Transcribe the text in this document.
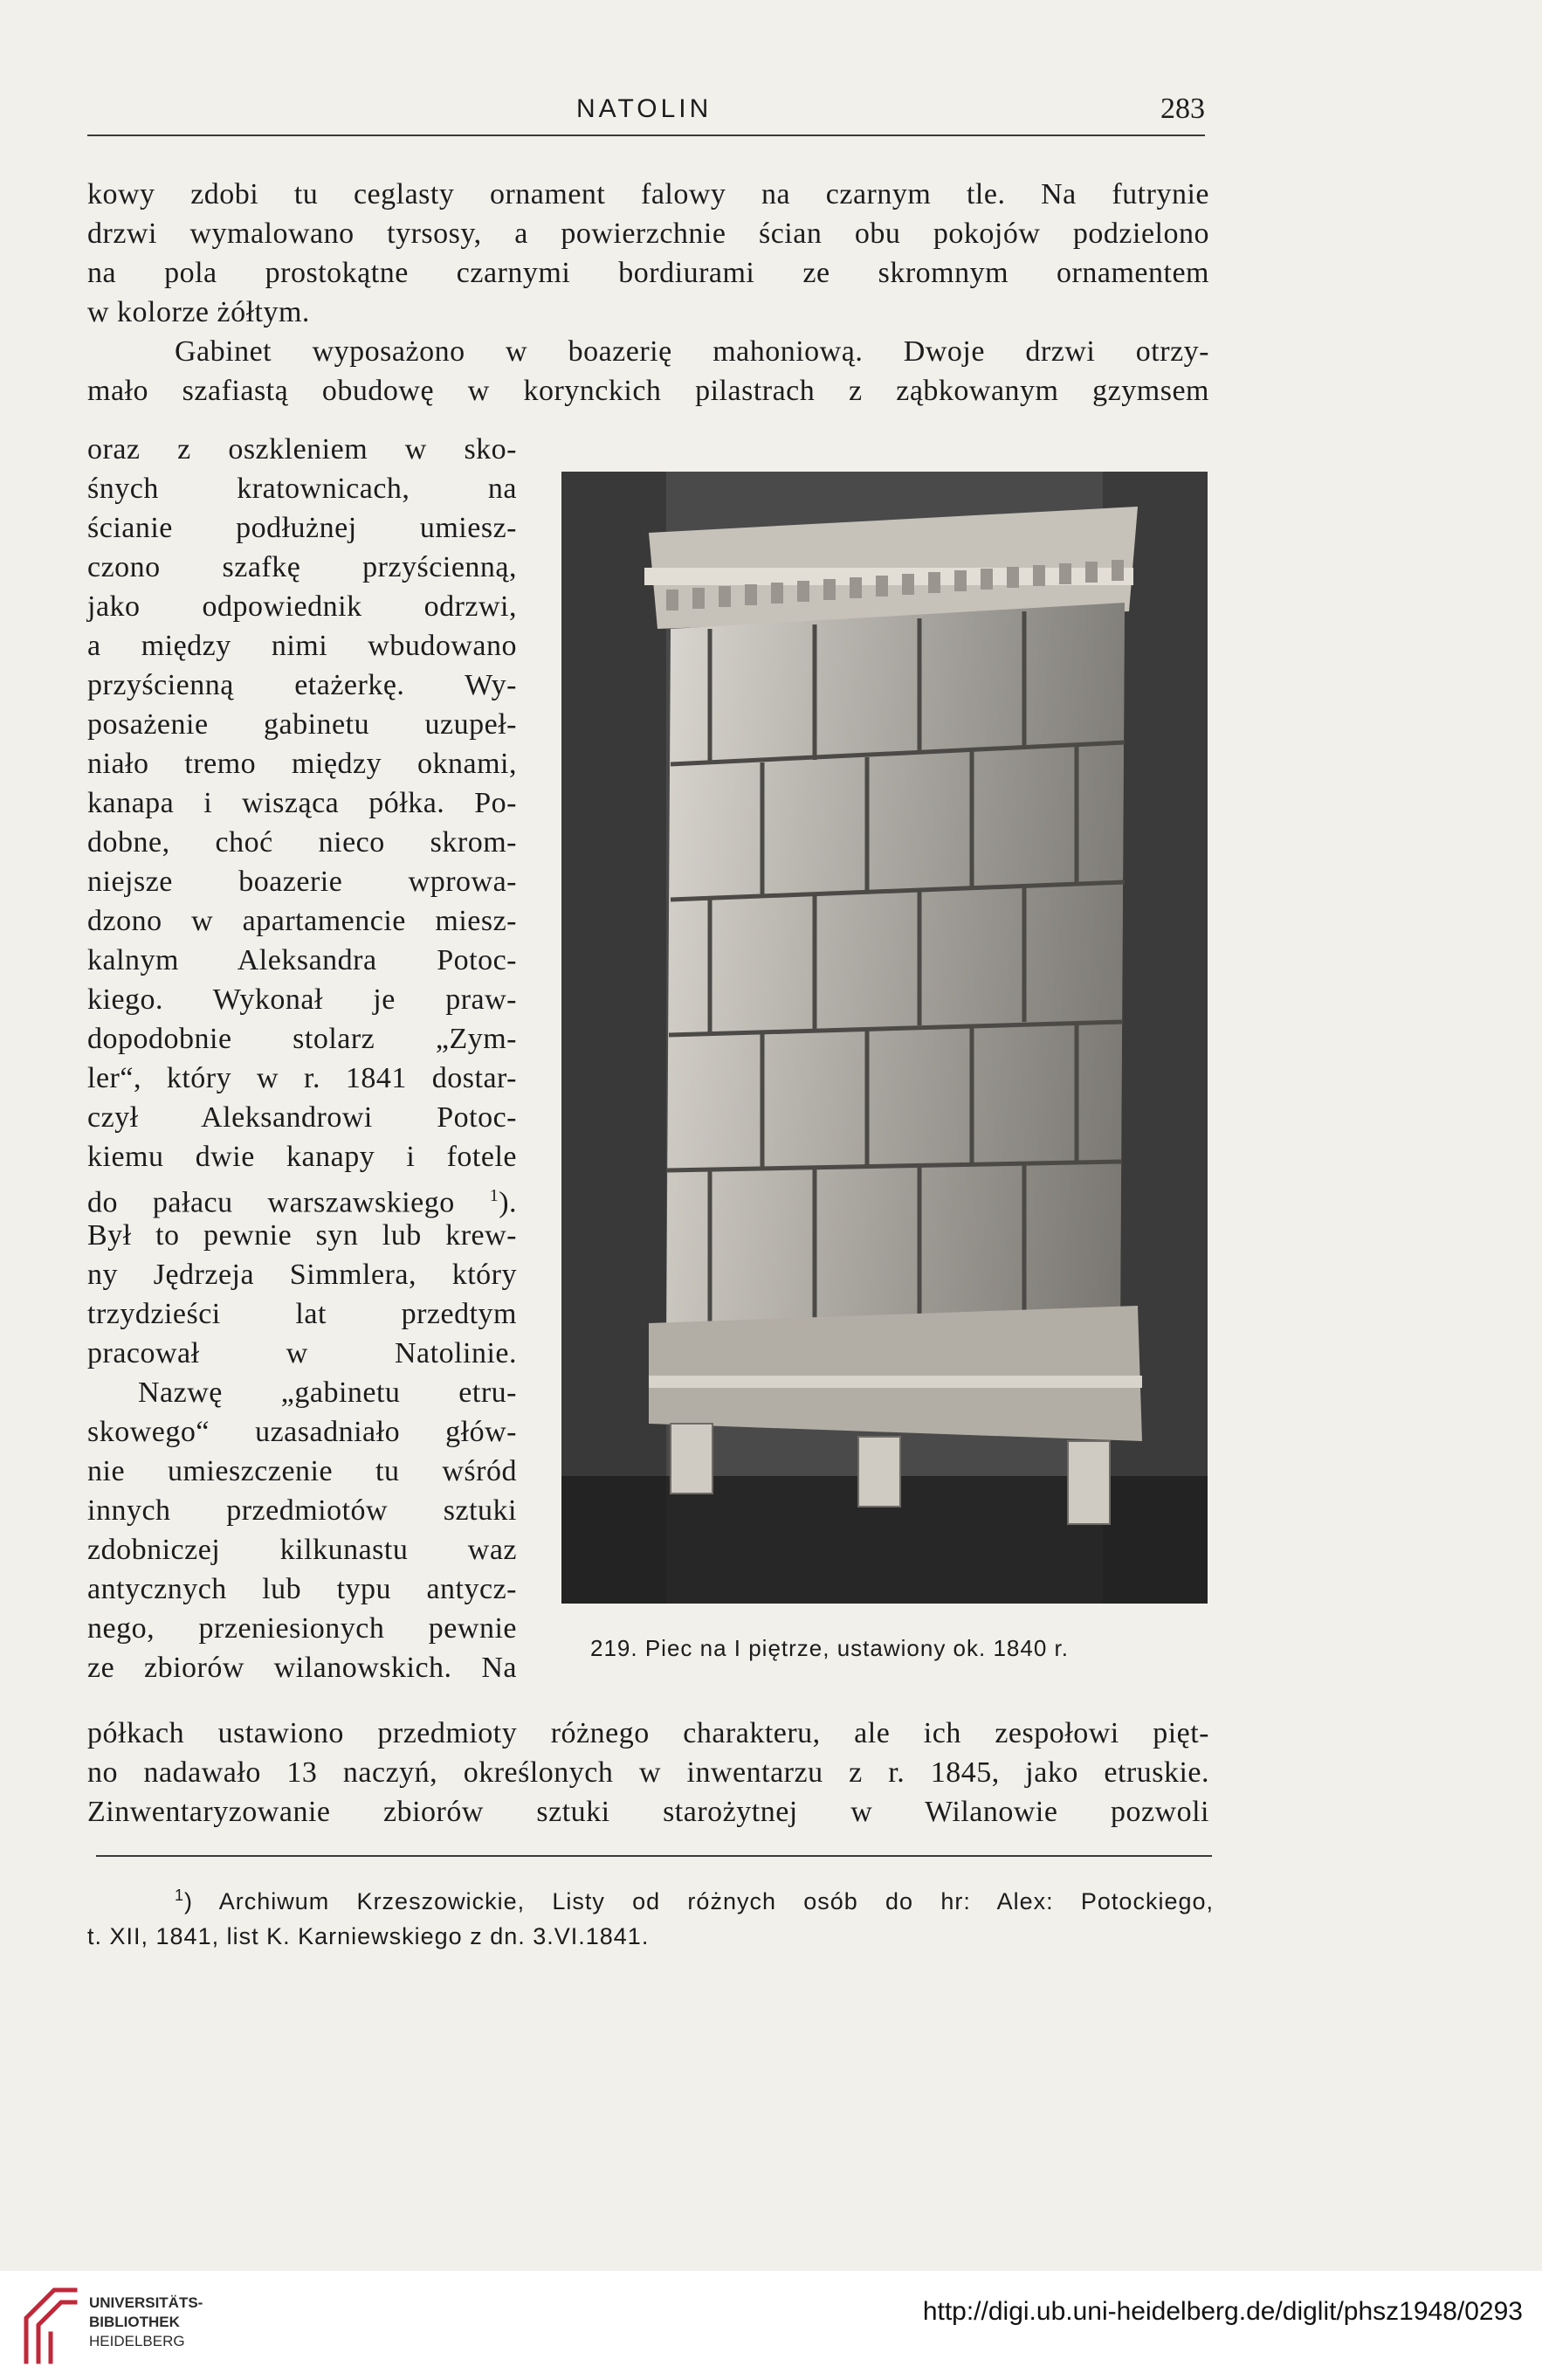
NATOLIN	283
kowy zdobi tu ceglasty ornament falowy na czarnym tle. Na futrynie
drzwi wymalowano tyrsosy, a powierzchnie ścian obu pokojów podzielono
na pola prostokątne czarnymi bordiurami ze skromnym ornamentem
w kolorze żółtym.
Gabinet wyposażono w boazerię mahoniową. Dwoje drzwi otrzy-
mało szafiastą obudowę w korynckich pilastrach z ząbkowanym gzymsem
oraz z oszkleniem w sko-
śnych kratownicach, na
ścianie podłużnej umiesz-
czono szafkę przyścienną,
jako odpowiednik odrzwi,
a między nimi wbudowano
przyścienną etażerkę. Wy-
posażenie gabinetu uzupeł-
niało tremo między oknami,
kanapa i wisząca półka. Po-
dobne, choć nieco skrom-
niejsze boazerie wprowa-
dzono w apartamencie miesz-
kalnym Aleksandra Potoc-
kiego. Wykonał je praw-
dopodobnie stolarz „Zym-
ler“, który w r. 1841 dostar-
czył Aleksandrowi Potoc-
kiemu dwie kanapy i fotele
do pałacu warszawskiego $^1$).
Był to pewnie syn lub krew-
ny Jędrzeja Simmlera, który
trzydzieści lat przedtym
pracował w Natolinie.
Nazwę „gabinetu etru-
skowego“ uzasadniało głów-
nie umieszczenie tu wśród
innych przedmiotów sztuki
zdobniczej kilkunastu waz
antycznych lub typu antycz-
nego, przeniesionych pewnie
ze zbiorów wilanowskich. Na
półkach ustawiono przedmioty różnego charakteru, ale ich zespołowi pięt-
no nadawało 13 naczyń, określonych w inwentarzu z r. 1845, jako etruskie.
Zinwentaryzowanie zbiorów sztuki starożytnej w Wilanowie pozwoli
219. Piec na I piętrze, ustawiony ok. 1840 r.
$^1$) Archiwum Krzeszowickie, Listy od różnych osób do hr: Alex: Potockiego,
t. XII, 1841, list K. Karniewskiego z dn. 3.VI.1841.
UNIVERSITÄTS-
BIBLIOTHEK
HEIDELBERG
http://digi.ub.uni-heidelberg.de/diglit/phsz1948/0293
